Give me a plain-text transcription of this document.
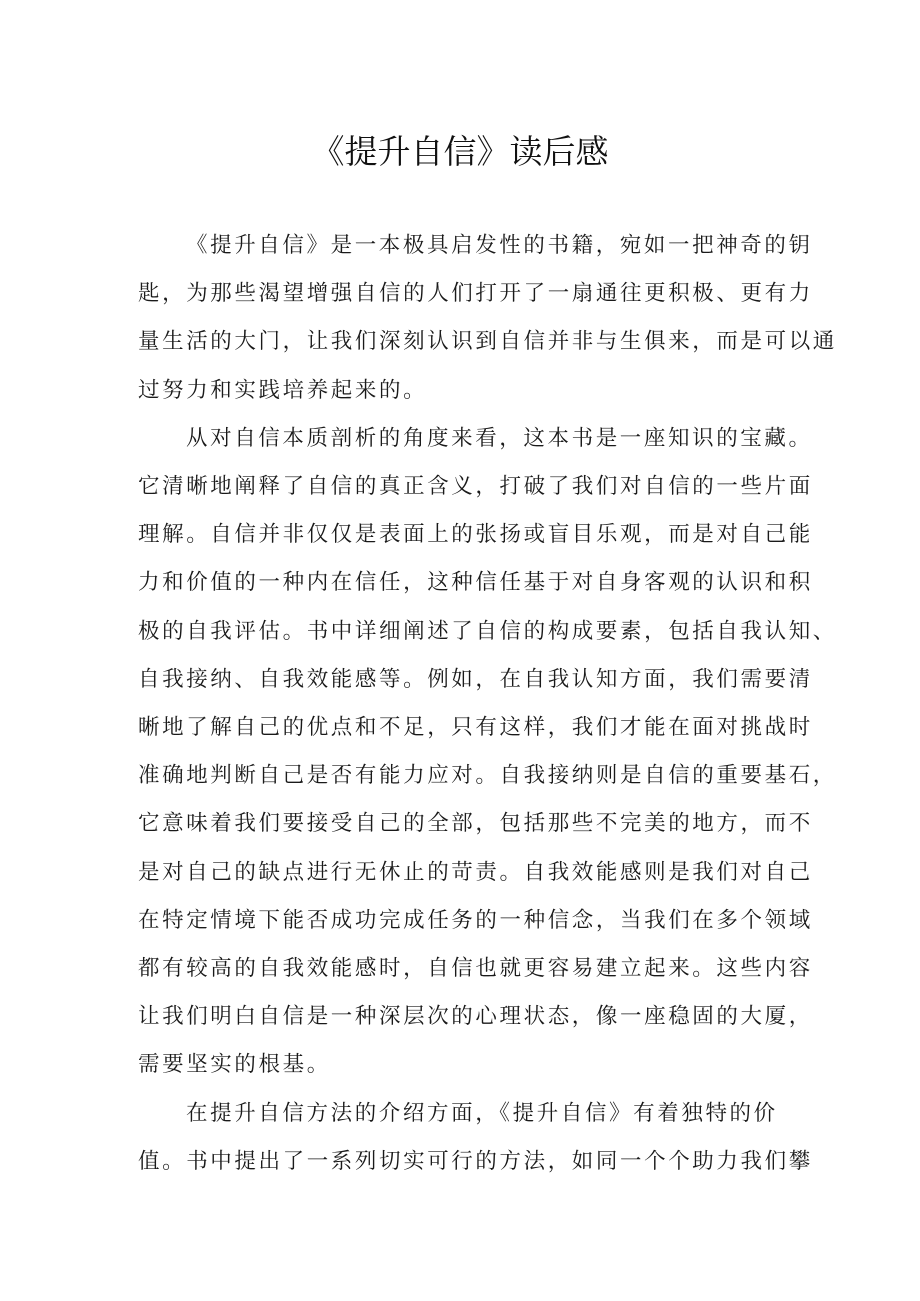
《提升自信》读后感
《提升自信》是一本极具启发性的书籍，宛如一把神奇的钥
匙，为那些渴望增强自信的人们打开了一扇通往更积极、更有力
量生活的大门，让我们深刻认识到自信并非与生俱来，而是可以通
过努力和实践培养起来的。
从对自信本质剖析的角度来看，这本书是一座知识的宝藏。
它清晰地阐释了自信的真正含义，打破了我们对自信的一些片面
理解。自信并非仅仅是表面上的张扬或盲目乐观，而是对自己能
力和价值的一种内在信任，这种信任基于对自身客观的认识和积
极的自我评估。书中详细阐述了自信的构成要素，包括自我认知、
自我接纳、自我效能感等。例如，在自我认知方面，我们需要清
晰地了解自己的优点和不足，只有这样，我们才能在面对挑战时
准确地判断自己是否有能力应对。自我接纳则是自信的重要基石，
它意味着我们要接受自己的全部，包括那些不完美的地方，而不
是对自己的缺点进行无休止的苛责。自我效能感则是我们对自己
在特定情境下能否成功完成任务的一种信念，当我们在多个领域
都有较高的自我效能感时，自信也就更容易建立起来。这些内容
让我们明白自信是一种深层次的心理状态，像一座稳固的大厦，
需要坚实的根基。
在提升自信方法的介绍方面，《提升自信》有着独特的价
值。书中提出了一系列切实可行的方法，如同一个个助力我们攀
